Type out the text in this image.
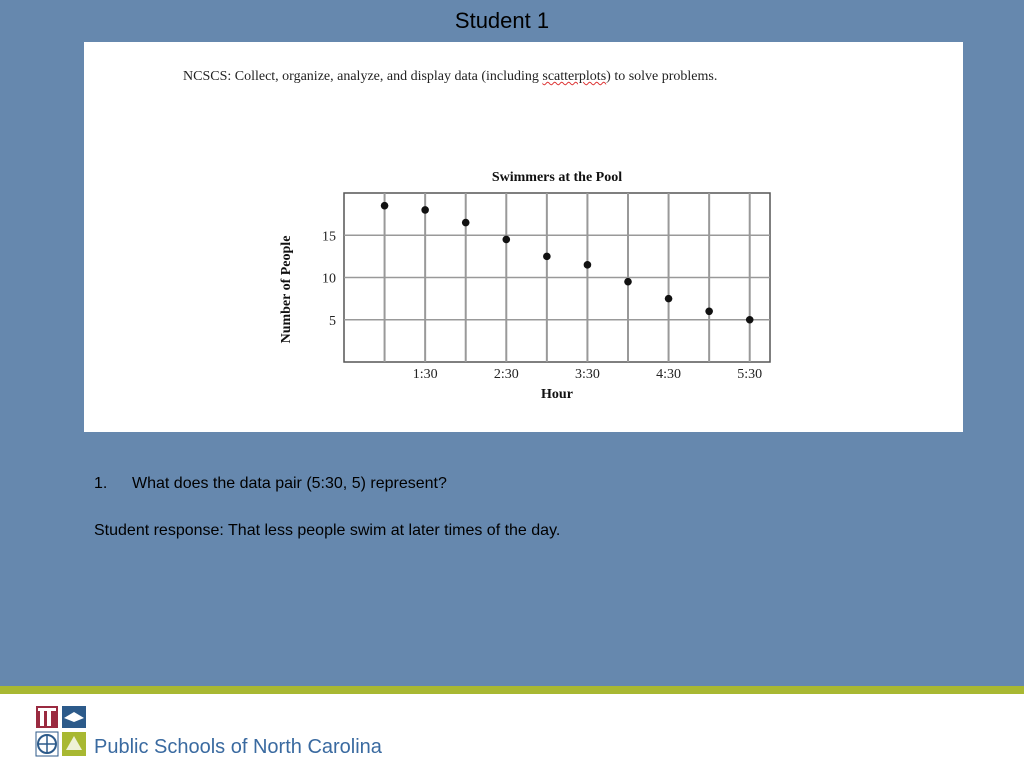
Student 1
NCSCS: Collect, organize, analyze, and display data (including scatterplots) to solve problems.
5
10
15
1:30	2:30	3:30	4:30	5:30
Swimmers at the Pool
Hour
Number of People
1. What does the data pair (5:30, 5) represent?
Student response: That less people swim at later times of the day.
Public Schools of North Carolina
